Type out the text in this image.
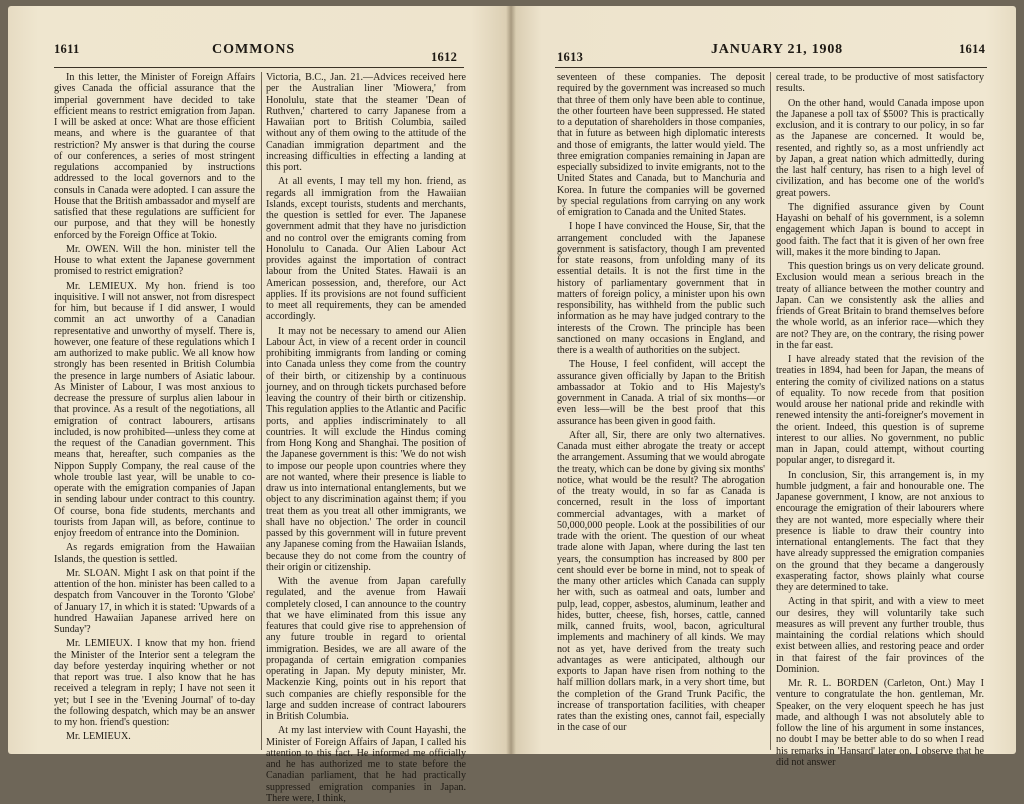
1611	COMMONS	1612

In this letter, the Minister of Foreign Affairs gives Canada the official assurance that the imperial government have decided to take efficient means to restrict emigration from Japan. I will be asked at once: What are those efficient means, and where is the guarantee of that restriction? My answer is that during the course of our conferences, a series of most stringent regulations accompanied by instructions addressed to the local governors and to the consuls in Canada were adopted. I can assure the House that the British ambassador and myself are satisfied that these regulations are sufficient for our purpose, and that they will be honestly enforced by the Foreign Office at Tokio.

Mr. OWEN. Will the hon. minister tell the House to what extent the Japanese government promised to restrict emigration?

Mr. LEMIEUX. My hon. friend is too inquisitive. I will not answer, not from disrespect for him, but because if I did answer, I would commit an act unworthy of a Canadian representative and unworthy of myself. There is, however, one feature of these regulations which I am authorized to make public. We all know how strongly has been resented in British Columbia the presence in large numbers of Asiatic labour. As Minister of Labour, I was most anxious to decrease the pressure of surplus alien labour in that province. As a result of the negotiations, all emigration of contract labourers, artisans included, is now prohibited—unless they come at the request of the Canadian government. This means that, hereafter, such companies as the Nippon Supply Company, the real cause of the whole trouble last year, will be unable to co-operate with the emigration companies of Japan in sending labour under contract to this country. Of course, bona fide students, merchants and tourists from Japan will, as before, continue to enjoy freedom of entrance into the Dominion.

As regards emigration from the Hawaiian Islands, the question is settled.

Mr. SLOAN. Might I ask on that point if the attention of the hon. minister has been called to a despatch from Vancouver in the Toronto 'Globe' of January 17, in which it is stated: 'Upwards of a hundred Hawaiian Japanese arrived here on Sunday'?

Mr. LEMIEUX. I know that my hon. friend the Minister of the Interior sent a telegram the day before yesterday inquiring whether or not that report was true. I also know that he has received a telegram in reply; I have not seen it yet; but I see in the 'Evening Journal' of to-day the following despatch, which may be an answer to my hon. friend's question:

Mr. LEMIEUX.

Victoria, B.C., Jan. 21.—Advices received here per the Australian liner 'Miowera,' from Honolulu, state that the steamer 'Dean of Ruthven,' chartered to carry Japanese from a Hawaiian port to British Columbia, sailed without any of them owing to the attitude of the Canadian immigration department and the increasing difficulties in effecting a landing at this port.

At all events, I may tell my hon. friend, as regards all immigration from the Hawaiian Islands, except tourists, students and merchants, the question is settled for ever. The Japanese government admit that they have no jurisdiction and no control over the emigrants coming from Honolulu to Canada. Our Alien Labour Act provides against the importation of contract labour from the United States. Hawaii is an American possession, and, therefore, our Act applies. If its provisions are not found sufficient to meet all requirements, they can be amended accordingly.

It may not be necessary to amend our Alien Labour Act, in view of a recent order in council prohibiting immigrants from landing or coming into Canada unless they come from the country of their birth, or citizenship by a continuous journey, and on through tickets purchased before leaving the country of their birth or citizenship. This regulation applies to the Atlantic and Pacific ports, and applies indiscriminately to all countries. It will exclude the Hindus coming from Hong Kong and Shanghai. The position of the Japanese government is this: 'We do not wish to impose our people upon countries where they are not wanted, where their presence is liable to draw us into international entanglements, but we object to any discrimination against them; if you treat them as you treat all other immigrants, we shall have no objection.' The order in council passed by this government will in future prevent any Japanese coming from the Hawaiian Islands, because they do not come from the country of their origin or citizenship.

With the avenue from Japan carefully regulated, and the avenue from Hawaii completely closed, I can announce to the country that we have eliminated from this issue any features that could give rise to apprehension of any future trouble in regard to oriental immigration. Besides, we are all aware of the propaganda of certain emigration companies operating in Japan. My deputy minister, Mr. Mackenzie King, points out in his report that such companies are chiefly responsible for the large and sudden increase of contract labourers in British Columbia.

At my last interview with Count Hayashi, the Minister of Foreign Affairs of Japan, I called his attention to this fact. He informed me officially and he has authorized me to state before the Canadian parliament, that he had practically suppressed emigration companies in Japan. There were, I think,

1613	JANUARY 21, 1908	1614

seventeen of these companies. The deposit required by the government was increased so much that three of them only have been able to continue, the other fourteen have been suppressed. He stated to a deputation of shareholders in those companies, that in future as between high diplomatic interests and those of emigrants, the latter would yield. The three emigration companies remaining in Japan are especially subsidized to invite emigrants, not to the United States and Canada, but to Manchuria and Korea. In future the companies will be governed by special regulations from carrying on any work of emigration to Canada and the United States.

I hope I have convinced the House, Sir, that the arrangement concluded with the Japanese government is satisfactory, though I am prevented for state reasons, from unfolding many of its essential details. It is not the first time in the history of parliamentary government that in matters of foreign policy, a minister upon his own responsibility, has withheld from the public such information as he may have judged contrary to the interests of the Crown. The principle has been sanctioned on many occasions in England, and there is a wealth of authorities on the subject.

The House, I feel confident, will accept the assurance given officially by Japan to the British ambassador at Tokio and to His Majesty's government in Canada. A trial of six months—or even less—will be the best proof that this assurance has been given in good faith.

After all, Sir, there are only two alternatives. Canada must either abrogate the treaty or accept the arrangement. Assuming that we would abrogate the treaty, which can be done by giving six months' notice, what would be the result? The abrogation of the treaty would, in so far as Canada is concerned, result in the loss of important commercial advantages, with a market of 50,000,000 people. Look at the possibilities of our trade with the orient. The question of our wheat trade alone with Japan, where during the last ten years, the consumption has increased by 800 per cent should ever be borne in mind, not to speak of the many other articles which Canada can supply her with, such as oatmeal and oats, lumber and pulp, lead, copper, asbestos, aluminum, leather and hides, butter, cheese, fish, horses, cattle, canned milk, canned fruits, wool, bacon, agricultural implements and machinery of all kinds. We may not as yet, have derived from the treaty such advantages as were anticipated, although our exports to Japan have risen from nothing to the half million dollars mark, in a very short time, but the completion of the Grand Trunk Pacific, the increase of transportation facilities, with cheaper rates than the existing ones, cannot fail, especially in the case of our

cereal trade, to be productive of most satisfactory results.

On the other hand, would Canada impose upon the Japanese a poll tax of $500? This is practically exclusion, and it is contrary to our policy, in so far as the Japanese are concerned. It would be, resented, and rightly so, as a most unfriendly act by Japan, a great nation which admittedly, during the last half century, has risen to a high level of civilization, and has become one of the world's great powers.

The dignified assurance given by Count Hayashi on behalf of his government, is a solemn engagement which Japan is bound to accept in good faith. The fact that it is given of her own free will, makes it the more binding to Japan.

This question brings us on very delicate ground. Exclusion would mean a serious breach in the treaty of alliance between the mother country and Japan. Can we consistently ask the allies and friends of Great Britain to brand themselves before the whole world, as an inferior race—which they are not? They are, on the contrary, the rising power in the far east.

I have already stated that the revision of the treaties in 1894, had been for Japan, the means of entering the comity of civilized nations on a status of equality. To now recede from that position would arouse her national pride and rekindle with renewed intensity the anti-foreigner's movement in the orient. Indeed, this question is of supreme interest to our allies. No government, no public man in Japan, could attempt, without courting popular anger, to disregard it.

In conclusion, Sir, this arrangement is, in my humble judgment, a fair and honourable one. The Japanese government, I know, are not anxious to encourage the emigration of their labourers where they are not wanted, more especially where their presence is liable to draw their country into international entanglements. The fact that they have already suppressed the emigration companies on the ground that they became a dangerously exasperating factor, shows plainly what course they are determined to take.

Acting in that spirit, and with a view to meet our desires, they will voluntarily take such measures as will prevent any further trouble, thus maintaining the cordial relations which should exist between allies, and restoring peace and order in that fairest of the fair provinces of the Dominion.

Mr. R. L. BORDEN (Carleton, Ont.) May I venture to congratulate the hon. gentleman, Mr. Speaker, on the very eloquent speech he has just made, and although I was not absolutely able to follow the line of his argument in some instances, no doubt I may be better able to do so when I read his remarks in 'Hansard' later on. I observe that he did not answer
